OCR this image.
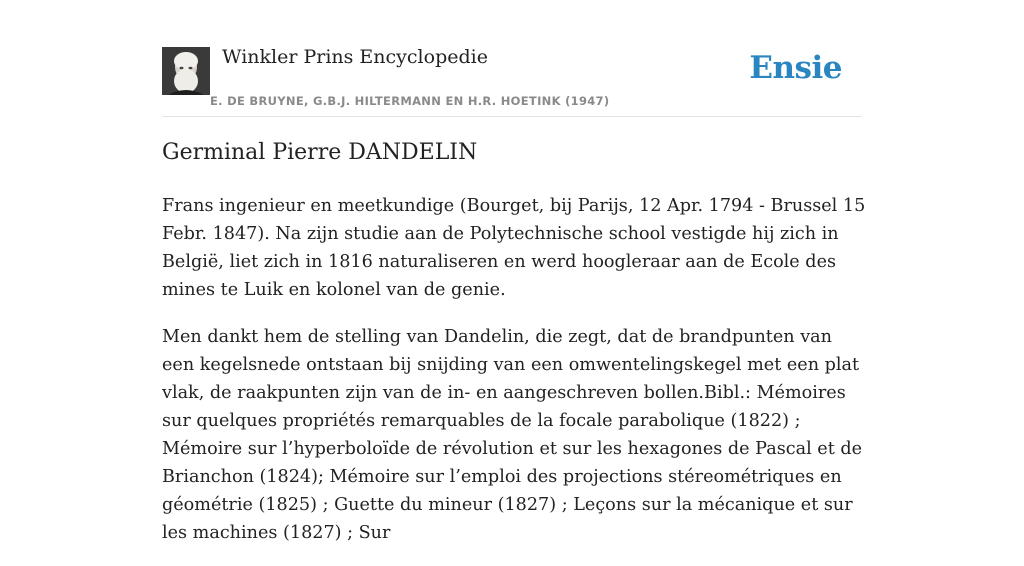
Winkler Prins Encyclopedie
E. DE BRUYNE, G.B.J. HILTERMANN EN H.R. HOETINK (1947)
Ensie
Germinal Pierre DANDELIN

Frans ingenieur en meetkundige (Bourget, bij Parijs, 12 Apr. 1794 - Brussel 15 Febr. 1847). Na zijn studie aan de Polytechnische school vestigde hij zich in België, liet zich in 1816 naturaliseren en werd hoogleraar aan de Ecole des mines te Luik en kolonel van de genie.

Men dankt hem de stelling van Dandelin, die zegt, dat de brandpunten van een kegelsnede ontstaan bij snijding van een omwentelingskegel met een plat vlak, de raakpunten zijn van de in- en aangeschreven bollen.Bibl.: Mémoires sur quelques propriétés remarquables de la focale parabolique (1822) ; Mémoire sur l’hyperboloïde de révolution et sur les hexagones de Pascal et de Brianchon (1824); Mémoire sur l’emploi des projections stéreométriques en géométrie (1825) ; Guette du mineur (1827) ; Leçons sur la mécanique et sur les machines (1827) ; Sur
